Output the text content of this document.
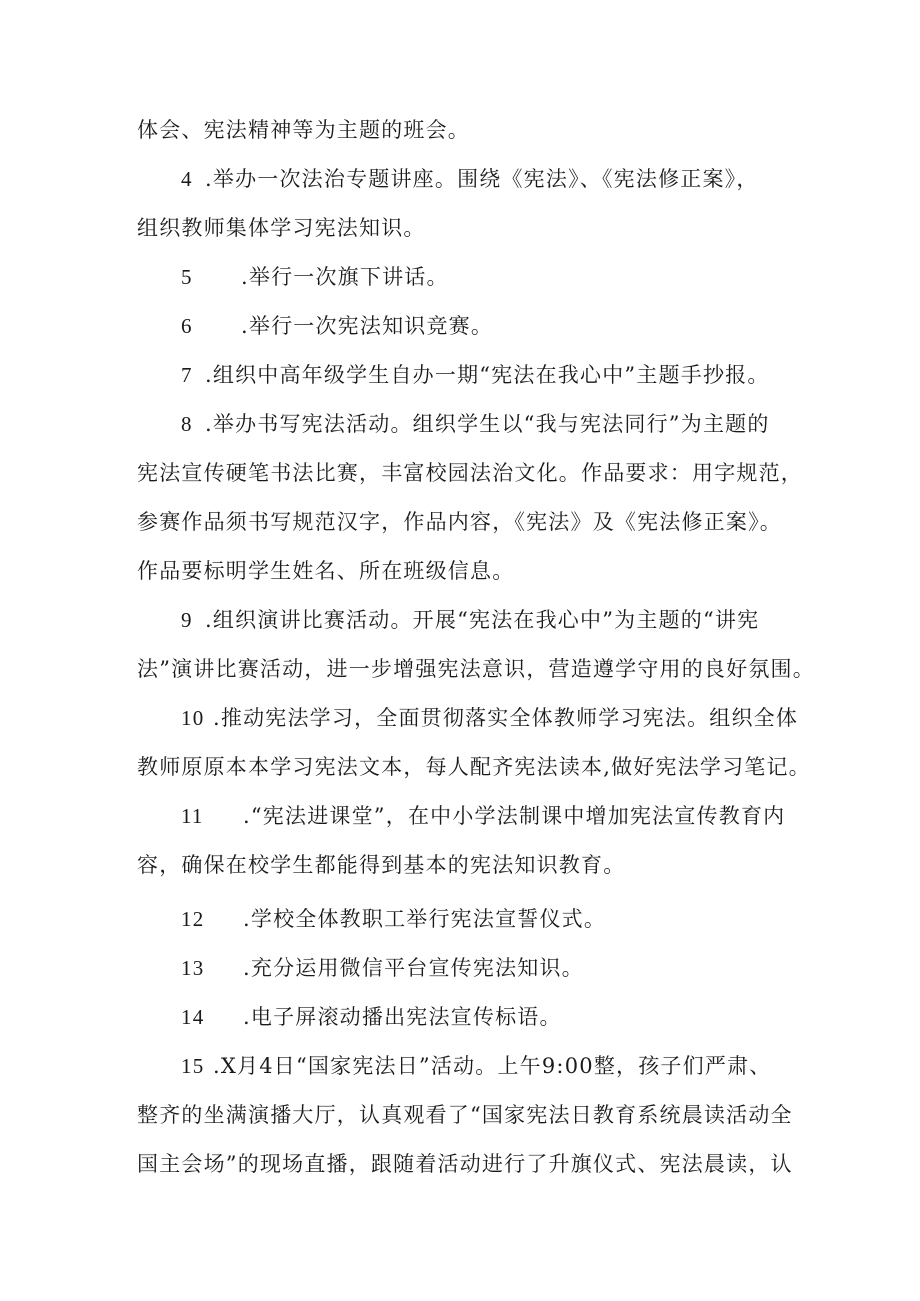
体会、宪法精神等为主题的班会。
4 .举办一次法治专题讲座。围绕《宪法》、《宪法修正案》，
组织教师集体学习宪法知识。
5 .举行一次旗下讲话。
6 .举行一次宪法知识竞赛。
7 .组织中高年级学生自办一期“宪法在我心中”主题手抄报。
8 .举办书写宪法活动。组织学生以“我与宪法同行”为主题的
宪法宣传硬笔书法比赛，丰富校园法治文化。作品要求：用字规范，
参赛作品须书写规范汉字，作品内容，《宪法》及《宪法修正案》。
作品要标明学生姓名、所在班级信息。
9 .组织演讲比赛活动。开展“宪法在我心中”为主题的“讲宪
法”演讲比赛活动，进一步增强宪法意识，营造遵学守用的良好氛围。
10 .推动宪法学习，全面贯彻落实全体教师学习宪法。组织全体
教师原原本本学习宪法文本，每人配齐宪法读本,做好宪法学习笔记。
11 .“宪法进课堂”，在中小学法制课中增加宪法宣传教育内
容，确保在校学生都能得到基本的宪法知识教育。
12 .学校全体教职工举行宪法宣誓仪式。
13 .充分运用微信平台宣传宪法知识。
14 .电子屏滚动播出宪法宣传标语。
15 .X月4日“国家宪法日”活动。上午9:00整，孩子们严肃、
整齐的坐满演播大厅，认真观看了“国家宪法日教育系统晨读活动全
国主会场”的现场直播，跟随着活动进行了升旗仪式、宪法晨读，认
